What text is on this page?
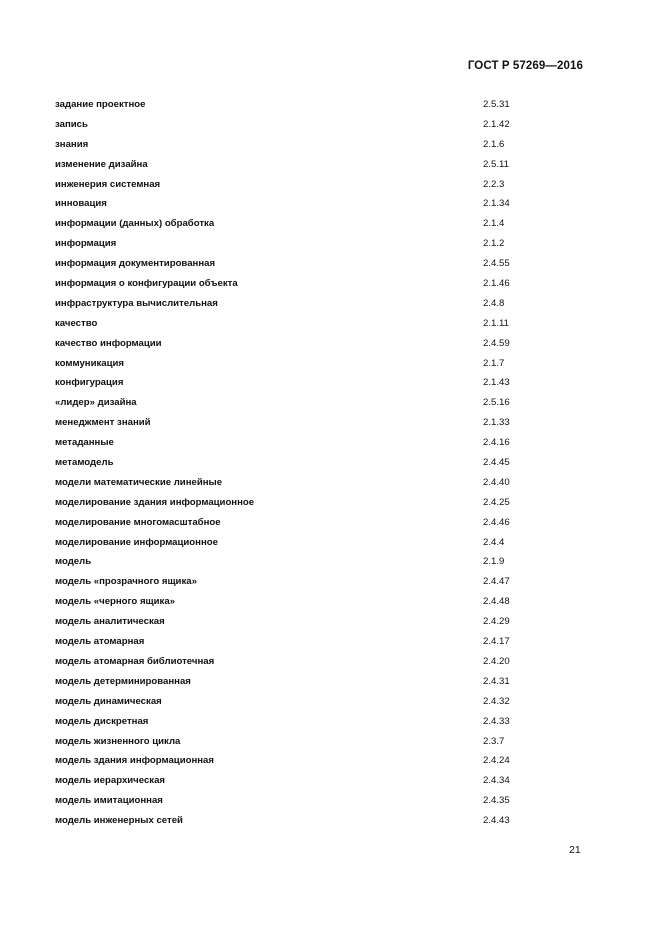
ГОСТ Р 57269—2016
задание проектное	2.5.31
запись	2.1.42
знания	2.1.6
изменение дизайна	2.5.11
инженерия системная	2.2.3
инновация	2.1.34
информации (данных) обработка	2.1.4
информация	2.1.2
информация документированная	2.4.55
информация о конфигурации объекта	2.1.46
инфраструктура вычислительная	2.4.8
качество	2.1.11
качество информации	2.4.59
коммуникация	2.1.7
конфигурация	2.1.43
«лидер» дизайна	2.5.16
менеджмент знаний	2.1.33
метаданные	2.4.16
метамодель	2.4.45
модели математические линейные	2.4.40
моделирование здания информационное	2.4.25
моделирование многомасштабное	2.4.46
моделирование информационное	2.4.4
модель	2.1.9
модель «прозрачного ящика»	2.4.47
модель «черного ящика»	2.4.48
модель аналитическая	2.4.29
модель атомарная	2.4.17
модель атомарная библиотечная	2.4.20
модель детерминированная	2.4.31
модель динамическая	2.4.32
модель дискретная	2.4.33
модель жизненного цикла	2.3.7
модель здания информационная	2.4.24
модель иерархическая	2.4.34
модель имитационная	2.4.35
модель инженерных сетей	2.4.43
21
